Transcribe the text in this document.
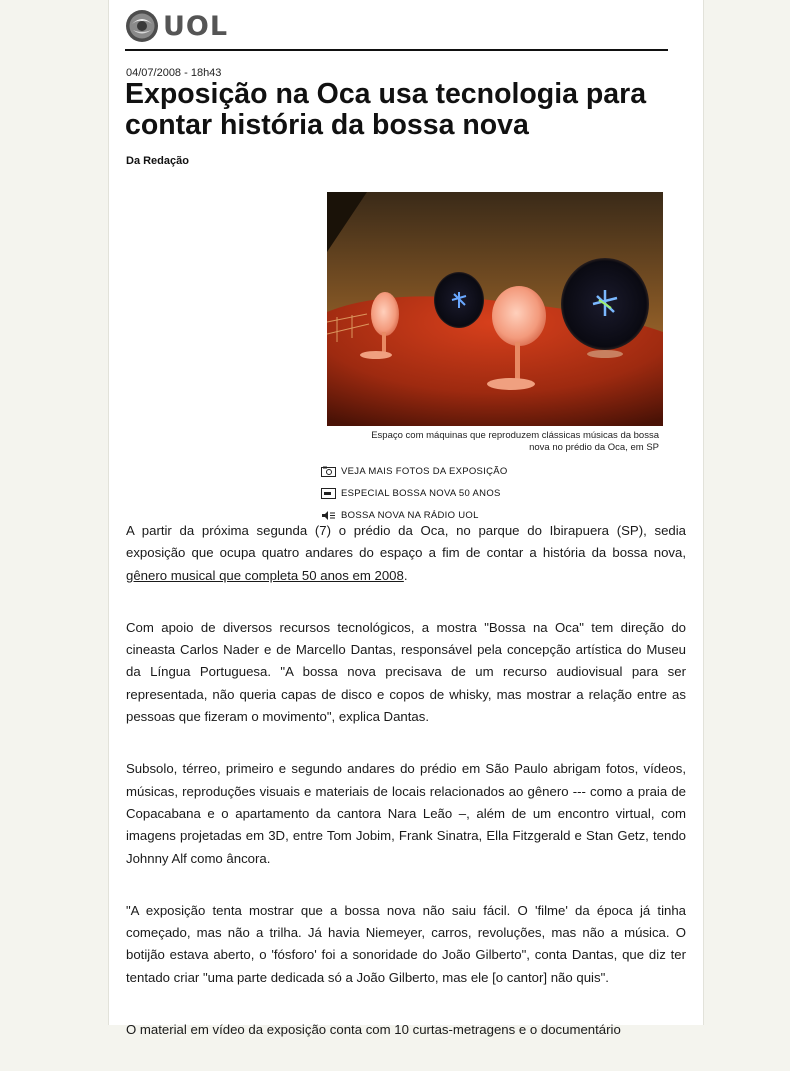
UOL
04/07/2008 - 18h43
Exposição na Oca usa tecnologia para contar história da bossa nova
Da Redação
Espaço com máquinas que reproduzem clássicas músicas da bossa
nova no prédio da Oca, em SP
VEJA MAIS FOTOS DA EXPOSIÇÃO
ESPECIAL BOSSA NOVA 50 ANOS
BOSSA NOVA NA RÁDIO UOL

A partir da próxima segunda (7) o prédio da Oca, no parque do Ibirapuera (SP), sedia exposição que ocupa quatro andares do espaço a fim de contar a história da bossa nova, gênero musical que completa 50 anos em 2008.

Com apoio de diversos recursos tecnológicos, a mostra "Bossa na Oca" tem direção do cineasta Carlos Nader e de Marcello Dantas, responsável pela concepção artística do Museu da Língua Portuguesa. "A bossa nova precisava de um recurso audiovisual para ser representada, não queria capas de disco e copos de whisky, mas mostrar a relação entre as pessoas que fizeram o movimento", explica Dantas.

Subsolo, térreo, primeiro e segundo andares do prédio em São Paulo abrigam fotos, vídeos, músicas, reproduções visuais e materiais de locais relacionados ao gênero --- como a praia de Copacabana e o apartamento da cantora Nara Leão –, além de um encontro virtual, com imagens projetadas em 3D, entre Tom Jobim, Frank Sinatra, Ella Fitzgerald e Stan Getz, tendo Johnny Alf como âncora.

"A exposição tenta mostrar que a bossa nova não saiu fácil. O 'filme' da época já tinha começado, mas não a trilha. Já havia Niemeyer, carros, revoluções, mas não a música. O botijão estava aberto, o 'fósforo' foi a sonoridade do João Gilberto", conta Dantas, que diz ter tentado criar "uma parte dedicada só a João Gilberto, mas ele [o cantor] não quis".

O material em vídeo da exposição conta com 10 curtas-metragens e o documentário
